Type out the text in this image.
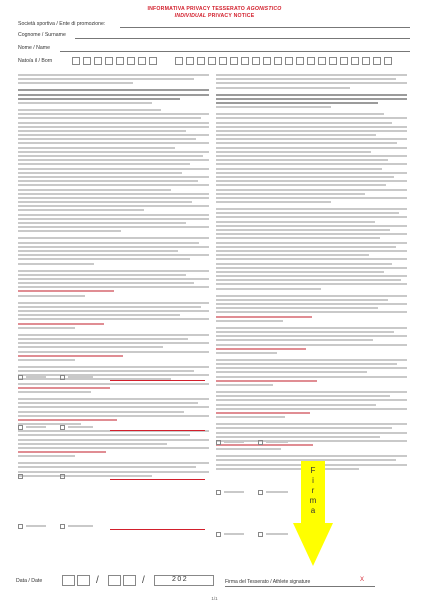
INFORMATIVA PRIVACY TESSERATO AGONISTICO
INDIVIDUAL PRIVACY NOTICE
Società sportiva / Ente di promozione:
Cognome / Surname
Nome / Name
Nato/a il / Born
F
i
r
m
a
Data / Date	/	/	202	Firma del Tesserato / Athlete signature	X
1/1
